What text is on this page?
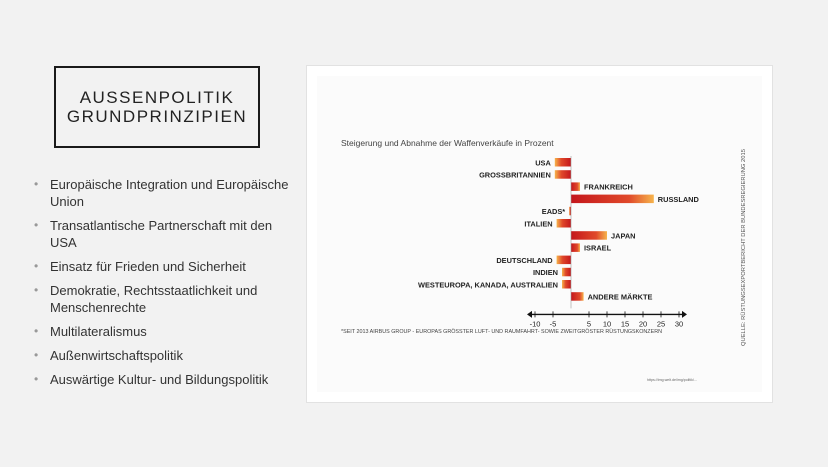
AUSSENPOLITIK
GRUNDPRINZIPIEN
• Europäische Integration und Europäische Union
• Transatlantische Partnerschaft mit den USA
• Einsatz für Frieden und Sicherheit
• Demokratie, Rechtsstaatlichkeit und Menschenrechte
• Multilateralismus
• Außenwirtschaftspolitik
• Auswärtige Kultur- und Bildungspolitik
Steigerung und Abnahme der Waffenverkäufe in Prozent
USA
GROSSBRITANNIEN
FRANKREICH
RUSSLAND
EADS*
ITALIEN
JAPAN
ISRAEL
DEUTSCHLAND
INDIEN
WESTEUROPA, KANADA, AUSTRALIEN
ANDERE MÄRKTE
-10 -5	5 10 15 20 25 30
*SEIT 2013 AIRBUS GROUP - EUROPAS GRÖSSTER LUFT- UND RAUMFAHRT- SOWIE ZWEITGRÖSTER RÜSTUNGSKONZERN	QUELLE: RÜSTUNGSEXPORTBERICHT DER BUNDESREGIERUNG 2015
https://img.welt.de/img/politik/...
